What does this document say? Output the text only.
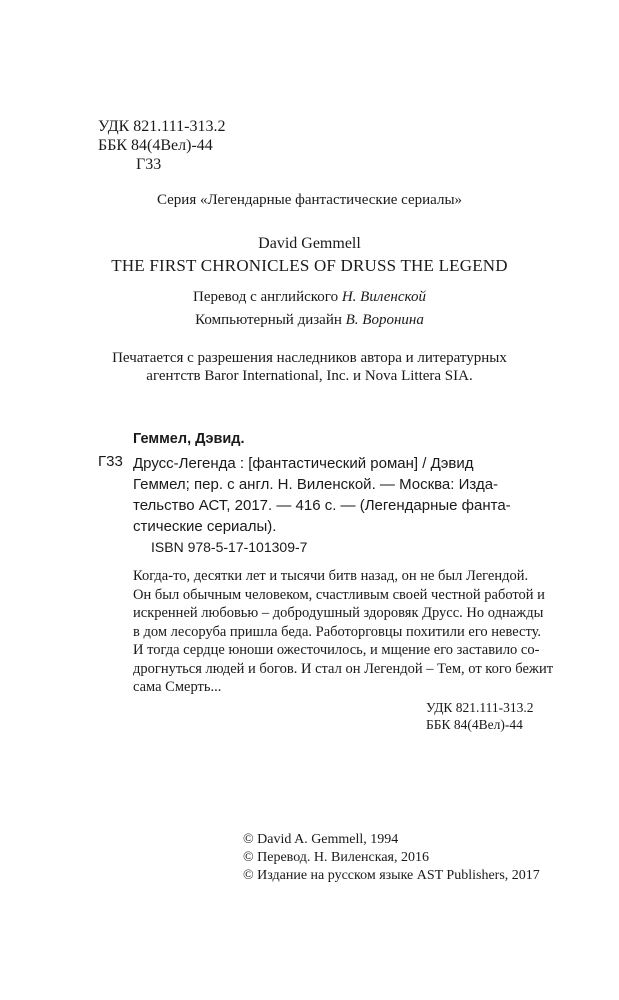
УДК 821.111-313.2
ББК 84(4Вел)-44
Г33
Серия «Легендарные фантастические сериалы»
David Gemmell
THE FIRST CHRONICLES OF DRUSS THE LEGEND
Перевод с английского Н. Виленской
Компьютерный дизайн В. Воронина
Печатается с разрешения наследников автора и литературных
агентств Baror International, Inc. и Nova Littera SIA.
Геммел, Дэвид.
Г33 Друсс-Легенда : [фантастический роман] / Дэвид
Геммел; пер. с англ. Н. Виленской. — Москва: Изда-
тельство АСТ, 2017. — 416 с. — (Легендарные фанта-
стические сериалы).
ISBN 978-5-17-101309-7
Когда-то, десятки лет и тысячи битв назад, он не был Легендой.
Он был обычным человеком, счастливым своей честной работой и
искренней любовью – добродушный здоровяк Друсс. Но однажды
в дом лесоруба пришла беда. Работорговцы похитили его невесту.
И тогда сердце юноши ожесточилось, и мщение его заставило со-
дрогнуться людей и богов. И стал он Легендой – Тем, от кого бежит
сама Смерть...
УДК 821.111-313.2
ББК 84(4Вел)-44
© David A. Gemmell, 1994
© Перевод. Н. Виленская, 2016
© Издание на русском языке AST Publishers, 2017
